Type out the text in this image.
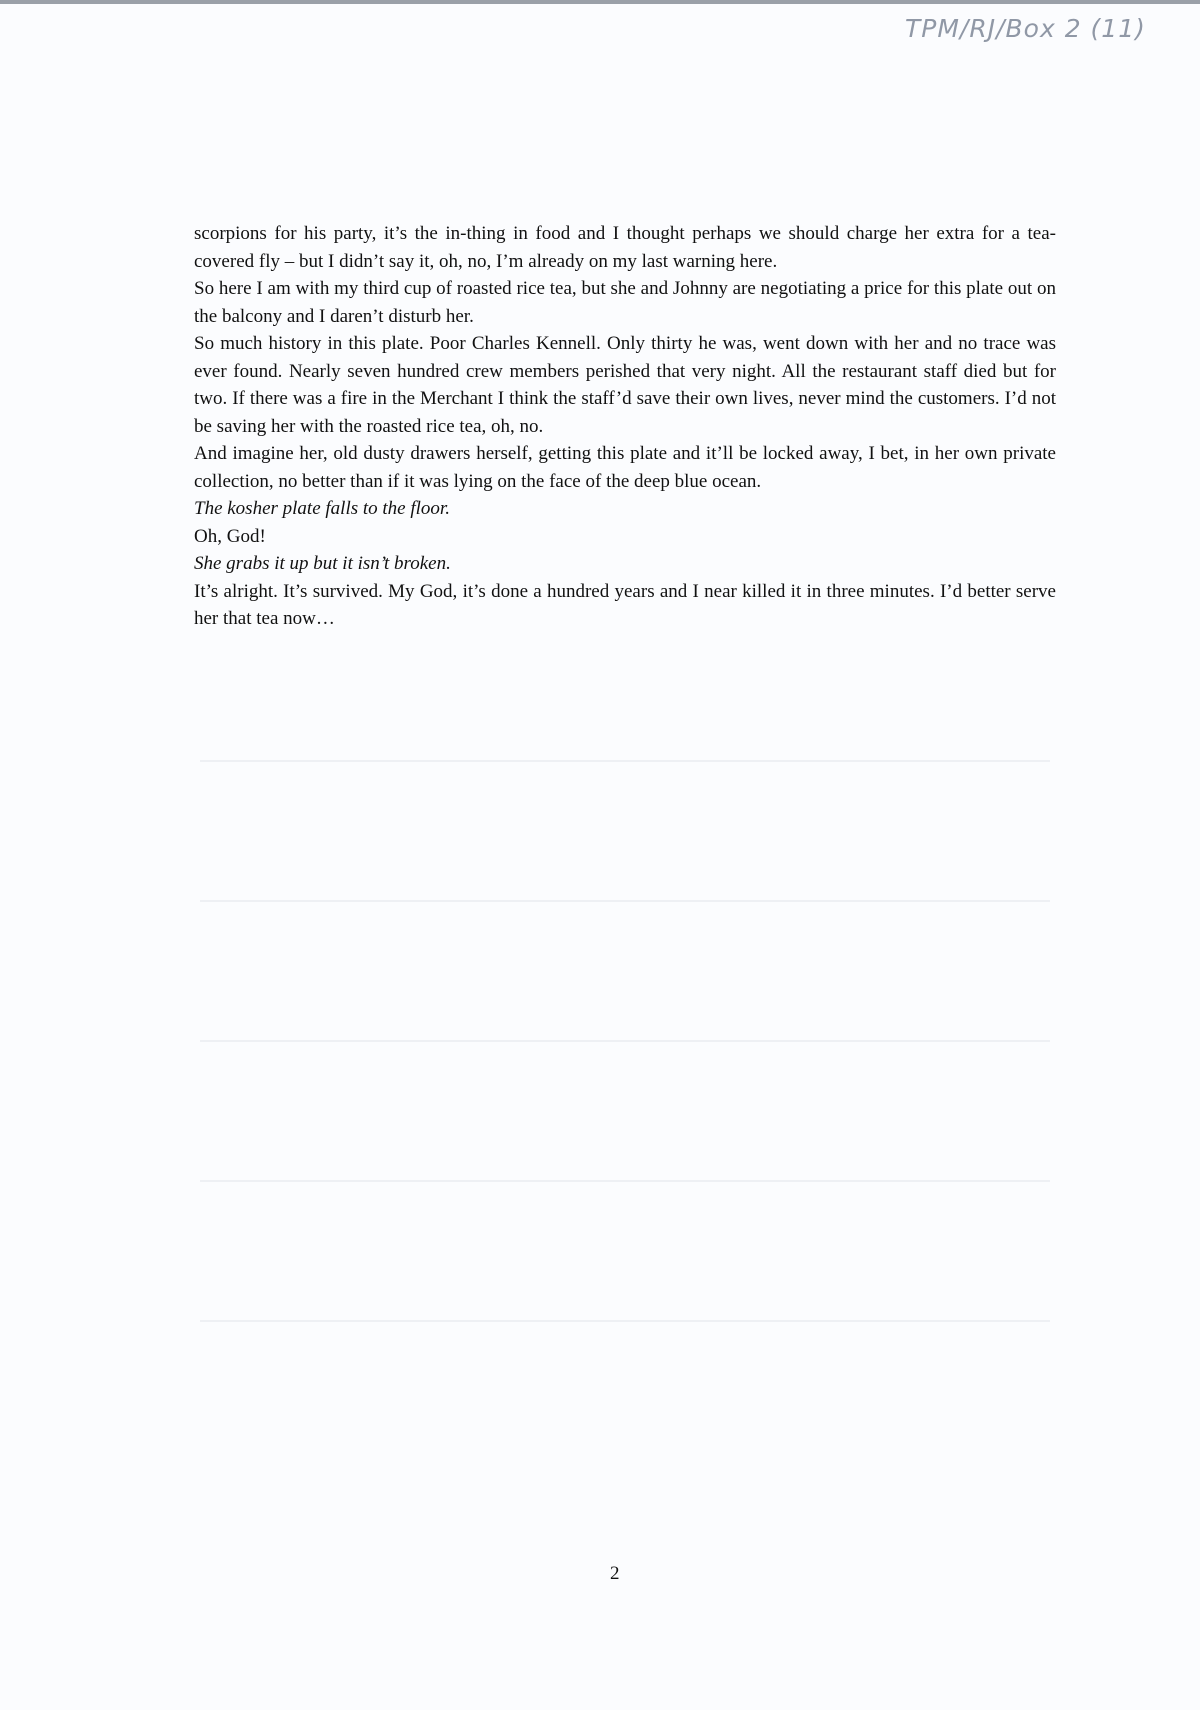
TPM/RJ/Box 2 (11)

scorpions for his party, it’s the in-thing in food and I thought perhaps we should charge her extra for a tea-covered fly – but I didn’t say it, oh, no, I’m already on my last warning here.

So here I am with my third cup of roasted rice tea, but she and Johnny are negotiating a price for this plate out on the balcony and I daren’t disturb her.

So much history in this plate. Poor Charles Kennell. Only thirty he was, went down with her and no trace was ever found. Nearly seven hundred crew members perished that very night. All the restaurant staff died but for two. If there was a fire in the Merchant I think the staff’d save their own lives, never mind the customers. I’d not be saving her with the roasted rice tea, oh, no.

And imagine her, old dusty drawers herself, getting this plate and it’ll be locked away, I bet, in her own private collection, no better than if it was lying on the face of the deep blue ocean.

The kosher plate falls to the floor.

Oh, God!

She grabs it up but it isn’t broken.

It’s alright. It’s survived. My God, it’s done a hundred years and I near killed it in three minutes. I’d better serve her that tea now…

2
